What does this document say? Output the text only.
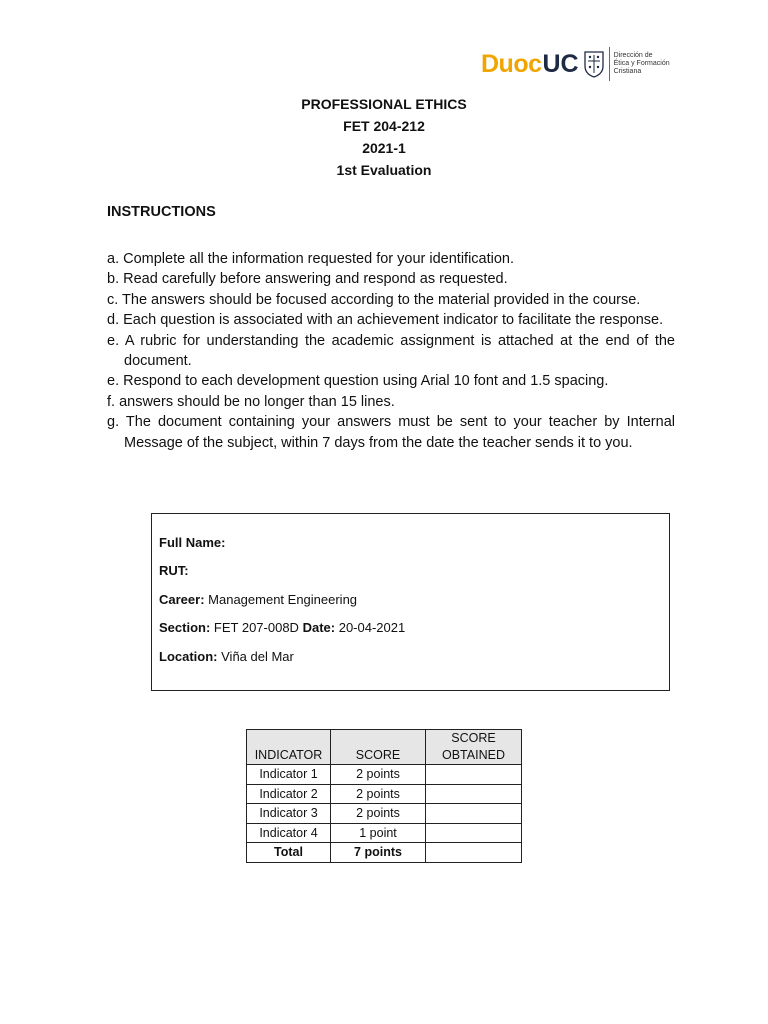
Duoc UC	Dirección de
Ética y Formación
Cristiana
PROFESSIONAL ETHICS
FET 204-212
2021-1
1st Evaluation
INSTRUCTIONS
a. Complete all the information requested for your identification.
b. Read carefully before answering and respond as requested.
c. The answers should be focused according to the material provided in the course.
d. Each question is associated with an achievement indicator to facilitate the response.
e. A rubric for understanding the academic assignment is attached at the end of the document.
e. Respond to each development question using Arial 10 font and 1.5 spacing.
f. answers should be no longer than 15 lines.
g. The document containing your answers must be sent to your teacher by Internal Message of the subject, within 7 days from the date the teacher sends it to you.
Full Name:
RUT:
Career: Management Engineering
Section: FET 207-008D Date: 20-04-2021
Location: Viña del Mar
INDICATOR	SCORE	SCORE OBTAINED
Indicator 1	2 points	
Indicator 2	2 points	
Indicator 3	2 points	
Indicator 4	1 point	
Total	7 points	
